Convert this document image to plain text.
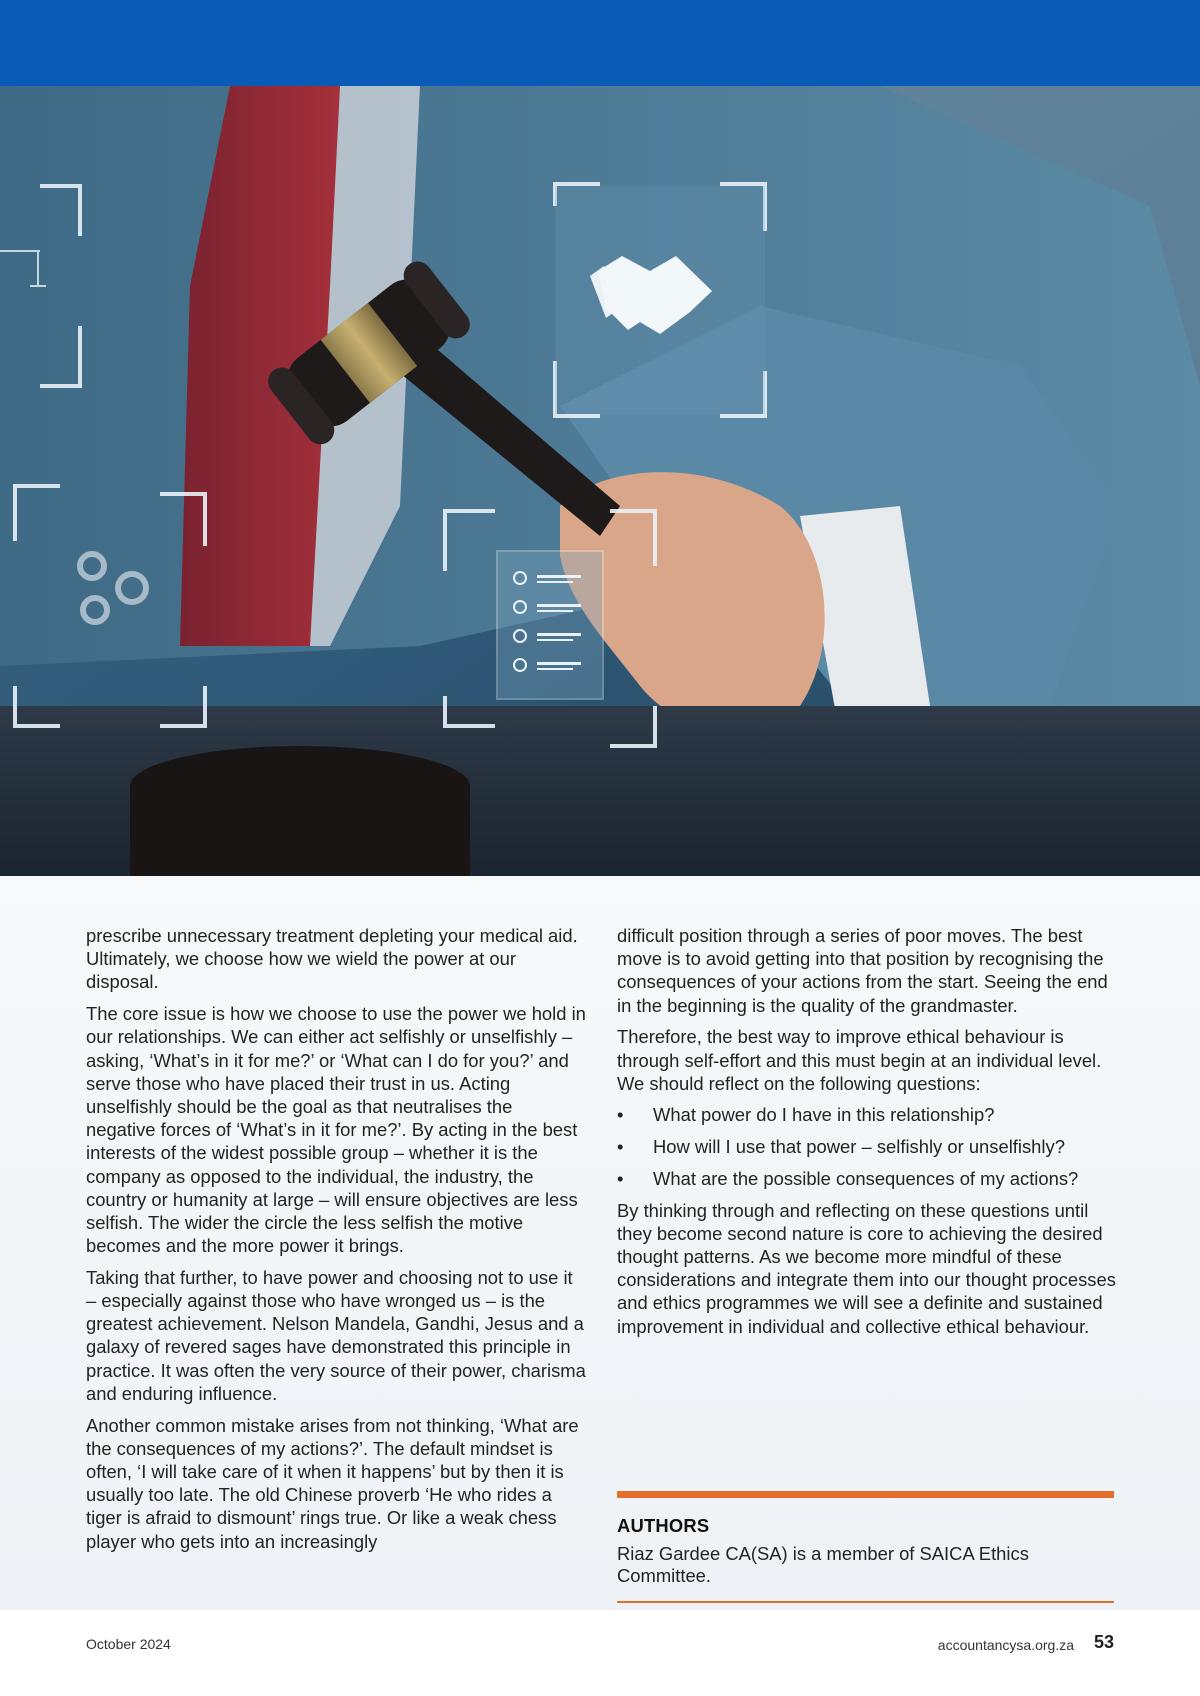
prescribe unnecessary treatment depleting your medical aid. Ultimately, we choose how we wield the power at our disposal.

The core issue is how we choose to use the power we hold in our relationships. We can either act selfishly or unselfishly – asking, ‘What’s in it for me?’ or ‘What can I do for you?’ and serve those who have placed their trust in us. Acting unselfishly should be the goal as that neutralises the negative forces of ‘What’s in it for me?’. By acting in the best interests of the widest possible group – whether it is the company as opposed to the individual, the industry, the country or humanity at large – will ensure objectives are less selfish. The wider the circle the less selfish the motive becomes and the more power it brings.

Taking that further, to have power and choosing not to use it – especially against those who have wronged us – is the greatest achievement. Nelson Mandela, Gandhi, Jesus and a galaxy of revered sages have demonstrated this principle in practice. It was often the very source of their power, charisma and enduring influence.

Another common mistake arises from not thinking, ‘What are the consequences of my actions?’. The default mindset is often, ‘I will take care of it when it happens’ but by then it is usually too late. The old Chinese proverb ‘He who rides a tiger is afraid to dismount’ rings true. Or like a weak chess player who gets into an increasingly

difficult position through a series of poor moves. The best move is to avoid getting into that position by recognising the consequences of your actions from the start. Seeing the end in the beginning is the quality of the grandmaster.

Therefore, the best way to improve ethical behaviour is through self-effort and this must begin at an individual level. We should reflect on the following questions:

• What power do I have in this relationship?
• How will I use that power – selfishly or unselfishly?
• What are the possible consequences of my actions?

By thinking through and reflecting on these questions until they become second nature is core to achieving the desired thought patterns. As we become more mindful of these considerations and integrate them into our thought processes and ethics programmes we will see a definite and sustained improvement in individual and collective ethical behaviour.

AUTHORS
Riaz Gardee CA(SA) is a member of SAICA Ethics Committee.
October 2024	accountancysa.org.za 53
